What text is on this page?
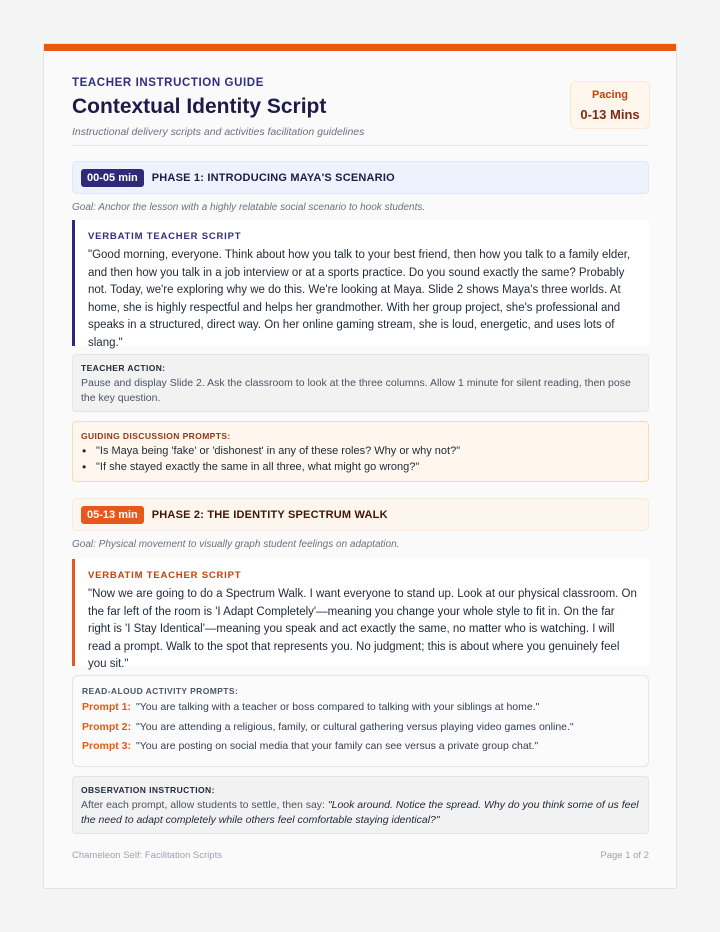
TEACHER INSTRUCTION GUIDE
Contextual Identity Script
Instructional delivery scripts and activities facilitation guidelines
Pacing
0-13 Mins
00-05 min	PHASE 1: INTRODUCING MAYA'S SCENARIO
Goal: Anchor the lesson with a highly relatable social scenario to hook students.
VERBATIM TEACHER SCRIPT
"Good morning, everyone. Think about how you talk to your best friend, then how you talk to a family elder, and then how you talk in a job interview or at a sports practice. Do you sound exactly the same? Probably not. Today, we're exploring why we do this. We're looking at Maya. Slide 2 shows Maya's three worlds. At home, she is highly respectful and helps her grandmother. With her group project, she's professional and speaks in a structured, direct way. On her online gaming stream, she is loud, energetic, and uses lots of slang."
TEACHER ACTION:
Pause and display Slide 2. Ask the classroom to look at the three columns. Allow 1 minute for silent reading, then pose the key question.
GUIDING DISCUSSION PROMPTS:
• "Is Maya being 'fake' or 'dishonest' in any of these roles? Why or why not?"
• "If she stayed exactly the same in all three, what might go wrong?"
05-13 min	PHASE 2: THE IDENTITY SPECTRUM WALK
Goal: Physical movement to visually graph student feelings on adaptation.
VERBATIM TEACHER SCRIPT
"Now we are going to do a Spectrum Walk. I want everyone to stand up. Look at our physical classroom. On the far left of the room is 'I Adapt Completely'—meaning you change your whole style to fit in. On the far right is 'I Stay Identical'—meaning you speak and act exactly the same, no matter who is watching. I will read a prompt. Walk to the spot that represents you. No judgment; this is about where you genuinely feel you sit."
READ-ALOUD ACTIVITY PROMPTS:
Prompt 1: "You are talking with a teacher or boss compared to talking with your siblings at home."
Prompt 2: "You are attending a religious, family, or cultural gathering versus playing video games online."
Prompt 3: "You are posting on social media that your family can see versus a private group chat."
OBSERVATION INSTRUCTION:
After each prompt, allow students to settle, then say: "Look around. Notice the spread. Why do you think some of us feel the need to adapt completely while others feel comfortable staying identical?"
Chameleon Self: Facilitation Scripts	Page 1 of 2
